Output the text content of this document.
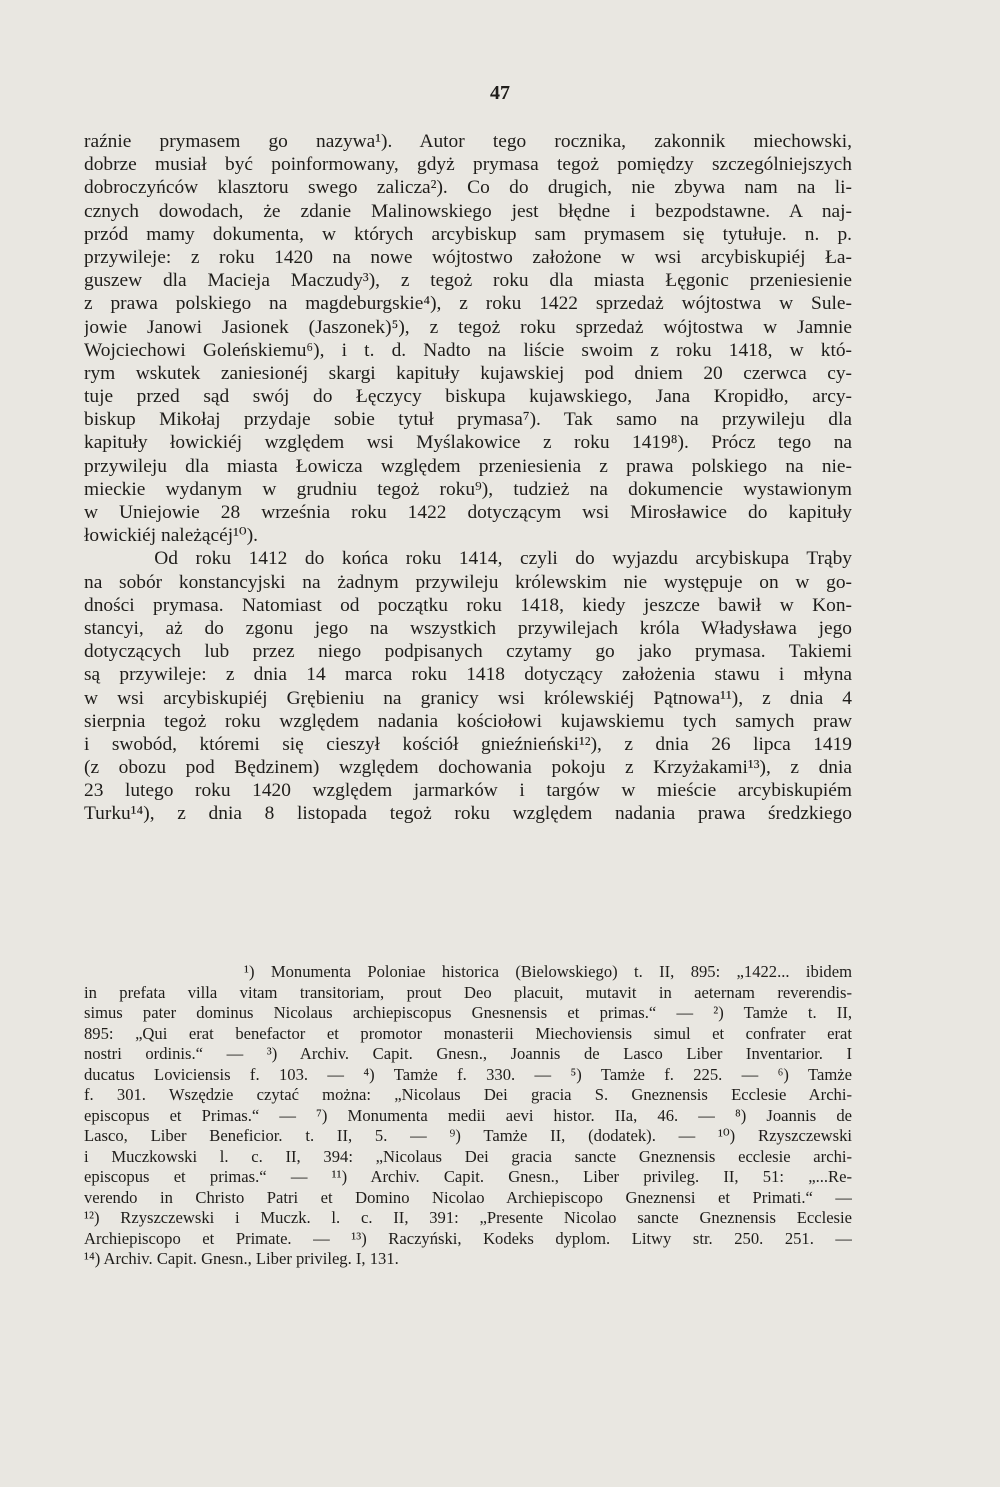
47
raźnie prymasem go nazywa¹). Autor tego rocznika, zakonnik miechowski,
dobrze musiał być poinformowany, gdyż prymasa tegoż pomiędzy szczególniejszych
dobroczyńców klasztoru swego zalicza²). Co do drugich, nie zbywa nam na li-
cznych dowodach, że zdanie Malinowskiego jest błędne i bezpodstawne. A naj-
przód mamy dokumenta, w których arcybiskup sam prymasem się tytułuje. n. p.
przywileje: z roku 1420 na nowe wójtostwo założone w wsi arcybiskupiéj Ła-
guszew dla Macieja Maczudy³), z tegoż roku dla miasta Łęgonic przeniesienie
z prawa polskiego na magdeburgskie⁴), z roku 1422 sprzedaż wójtostwa w Sule-
jowie Janowi Jasionek (Jaszonek)⁵), z tegoż roku sprzedaż wójtostwa w Jamnie
Wojciechowi Goleńskiemu⁶), i t. d. Nadto na liście swoim z roku 1418, w któ-
rym wskutek zaniesionéj skargi kapituły kujawskiej pod dniem 20 czerwca cy-
tuje przed sąd swój do Łęczycy biskupa kujawskiego, Jana Kropidło, arcy-
biskup Mikołaj przydaje sobie tytuł prymasa⁷). Tak samo na przywileju dla
kapituły łowickiéj względem wsi Myślakowice z roku 1419⁸). Prócz tego na
przywileju dla miasta Łowicza względem przeniesienia z prawa polskiego na nie-
mieckie wydanym w grudniu tegoż roku⁹), tudzież na dokumencie wystawionym
w Uniejowie 28 września roku 1422 dotyczącym wsi Mirosławice do kapituły
łowickiéj należącéj¹⁰).
Od roku 1412 do końca roku 1414, czyli do wyjazdu arcybiskupa Trąby
na sobór konstancyjski na żadnym przywileju królewskim nie występuje on w go-
dności prymasa. Natomiast od początku roku 1418, kiedy jeszcze bawił w Kon-
stancyi, aż do zgonu jego na wszystkich przywilejach króla Władysława jego
dotyczących lub przez niego podpisanych czytamy go jako prymasa. Takiemi
są przywileje: z dnia 14 marca roku 1418 dotyczący założenia stawu i młyna
w wsi arcybiskupiéj Grębieniu na granicy wsi królewskiéj Pątnowa¹¹), z dnia 4
sierpnia tegoż roku względem nadania kościołowi kujawskiemu tych samych praw
i swobód, któremi się cieszył kościół gnieźnieński¹²), z dnia 26 lipca 1419
(z obozu pod Będzinem) względem dochowania pokoju z Krzyżakami¹³), z dnia
23 lutego roku 1420 względem jarmarków i targów w mieście arcybiskupiém
Turku¹⁴), z dnia 8 listopada tegoż roku względem nadania prawa średzkiego
¹) Monumenta Poloniae historica (Bielowskiego) t. II, 895: „1422... ibidem
in prefata villa vitam transitoriam, prout Deo placuit, mutavit in aeternam reverendis-
simus pater dominus Nicolaus archiepiscopus Gnesnensis et primas.“ — ²) Tamże t. II,
895: „Qui erat benefactor et promotor monasterii Miechoviensis simul et confrater erat
nostri ordinis.“ — ³) Archiv. Capit. Gnesn., Joannis de Lasco Liber Inventarior. I
ducatus Loviciensis f. 103. — ⁴) Tamże f. 330. — ⁵) Tamże f. 225. — ⁶) Tamże
f. 301. Wszędzie czytać można: „Nicolaus Dei gracia S. Gneznensis Ecclesie Archi-
episcopus et Primas.“ — ⁷) Monumenta medii aevi histor. IIa, 46. — ⁸) Joannis de
Lasco, Liber Beneficior. t. II, 5. — ⁹) Tamże II, (dodatek). — ¹⁰) Rzyszczewski
i Muczkowski l. c. II, 394: „Nicolaus Dei gracia sancte Gneznensis ecclesie archi-
episcopus et primas.“ — ¹¹) Archiv. Capit. Gnesn., Liber privileg. II, 51: „...Re-
verendo in Christo Patri et Domino Nicolao Archiepiscopo Gneznensi et Primati.“ —
¹²) Rzyszczewski i Muczk. l. c. II, 391: „Presente Nicolao sancte Gneznensis Ecclesie
Archiepiscopo et Primate. — ¹³) Raczyński, Kodeks dyplom. Litwy str. 250. 251. —
¹⁴) Archiv. Capit. Gnesn., Liber privileg. I, 131.
